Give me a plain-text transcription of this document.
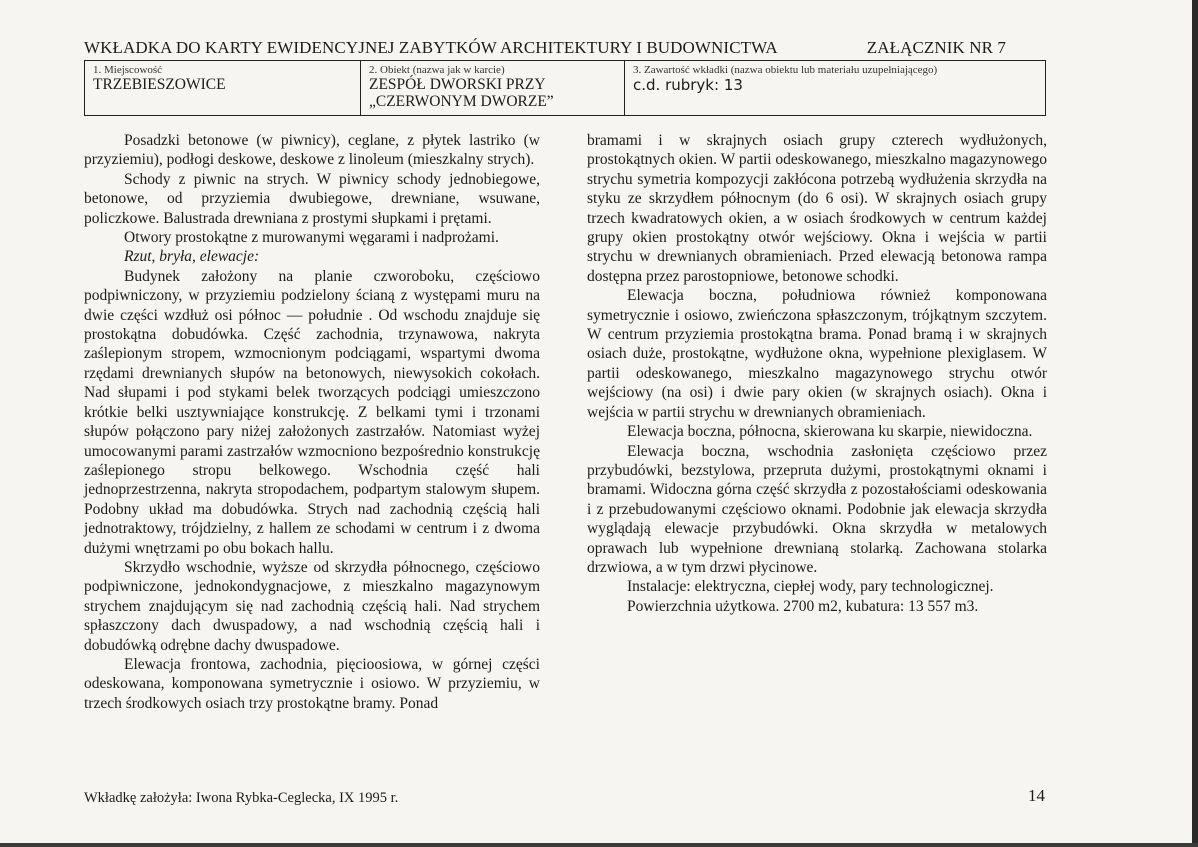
WKŁADKA DO KARTY EWIDENCYJNEJ ZABYTKÓW ARCHITEKTURY I BUDOWNICTWA	ZAŁĄCZNIK NR 7
1. Miejscowość
TRZEBIESZOWICE
2. Obiekt (nazwa jak w karcie)
ZESPÓŁ DWORSKI PRZY
„CZERWONYM DWORZE”
3. Zawartość wkładki (nazwa obiektu lub materiału uzupełniającego)
c.d. rubryk: 13

Posadzki betonowe (w piwnicy), ceglane, z płytek lastriko (w przyziemiu), podłogi deskowe, deskowe z linoleum (mieszkalny strych).

Schody z piwnic na strych. W piwnicy schody jednobiegowe, betonowe, od przyziemia dwubiegowe, drewniane, wsuwane, policzkowe. Balustrada drewniana z prostymi słupkami i prętami.

Otwory prostokątne z murowanymi węgarami i nadprożami.

Rzut, bryła, elewacje:

Budynek założony na planie czworoboku, częściowo podpiwniczony, w przyziemiu podzielony ścianą z występami muru na dwie części wzdłuż osi północ — południe . Od wschodu znajduje się prostokątna dobudówka. Część zachodnia, trzynawowa, nakryta zaślepionym stropem, wzmocnionym podciągami, wspartymi dwoma rzędami drewnianych słupów na betonowych, niewysokich cokołach. Nad słupami i pod stykami belek tworzących podciągi umieszczono krótkie belki usztywniające konstrukcję. Z belkami tymi i trzonami słupów połączono pary niżej założonych zastrzałów. Natomiast wyżej umocowanymi parami zastrzałów wzmocniono bezpośrednio konstrukcję zaślepionego stropu belkowego. Wschodnia część hali jednoprzestrzenna, nakryta stropodachem, podpartym stalowym słupem. Podobny układ ma dobudówka. Strych nad zachodnią częścią hali jednotraktowy, trójdzielny, z hallem ze schodami w centrum i z dwoma dużymi wnętrzami po obu bokach hallu.

Skrzydło wschodnie, wyższe od skrzydła północnego, częściowo podpiwniczone, jednokondygnacjowe, z mieszkalno magazynowym strychem znajdującym się nad zachodnią częścią hali. Nad strychem spłaszczony dach dwuspadowy, a nad wschodnią częścią hali i dobudówką odrębne dachy dwuspadowe.

Elewacja frontowa, zachodnia, pięcioosiowa, w górnej części odeskowana, komponowana symetrycznie i osiowo. W przyziemiu, w trzech środkowych osiach trzy prostokątne bramy. Ponad

bramami i w skrajnych osiach grupy czterech wydłużonych, prostokątnych okien. W partii odeskowanego, mieszkalno magazynowego strychu symetria kompozycji zakłócona potrzebą wydłużenia skrzydła na styku ze skrzydłem północnym (do 6 osi). W skrajnych osiach grupy trzech kwadratowych okien, a w osiach środkowych w centrum każdej grupy okien prostokątny otwór wejściowy. Okna i wejścia w partii strychu w drewnianych obramieniach. Przed elewacją betonowa rampa dostępna przez parostopniowe, betonowe schodki.

Elewacja boczna, południowa również komponowana symetrycznie i osiowo, zwieńczona spłaszczonym, trójkątnym szczytem. W centrum przyziemia prostokątna brama. Ponad bramą i w skrajnych osiach duże, prostokątne, wydłużone okna, wypełnione plexiglasem. W partii odeskowanego, mieszkalno magazynowego strychu otwór wejściowy (na osi) i dwie pary okien (w skrajnych osiach). Okna i wejścia w partii strychu w drewnianych obramieniach.

Elewacja boczna, północna, skierowana ku skarpie, niewidoczna.

Elewacja boczna, wschodnia zasłonięta częściowo przez przybudówki, bezstylowa, przepruta dużymi, prostokątnymi oknami i bramami. Widoczna górna część skrzydła z pozostałościami odeskowania i z przebudowanymi częściowo oknami. Podobnie jak elewacja skrzydła wyglądają elewacje przybudówki. Okna skrzydła w metalowych oprawach lub wypełnione drewnianą stolarką. Zachowana stolarka drzwiowa, a w tym drzwi płycinowe.

Instalacje: elektryczna, ciepłej wody, pary technologicznej.

Powierzchnia użytkowa. 2700 m2, kubatura: 13 557 m3.

Wkładkę założyła: Iwona Rybka-Ceglecka, IX 1995 r.	14
